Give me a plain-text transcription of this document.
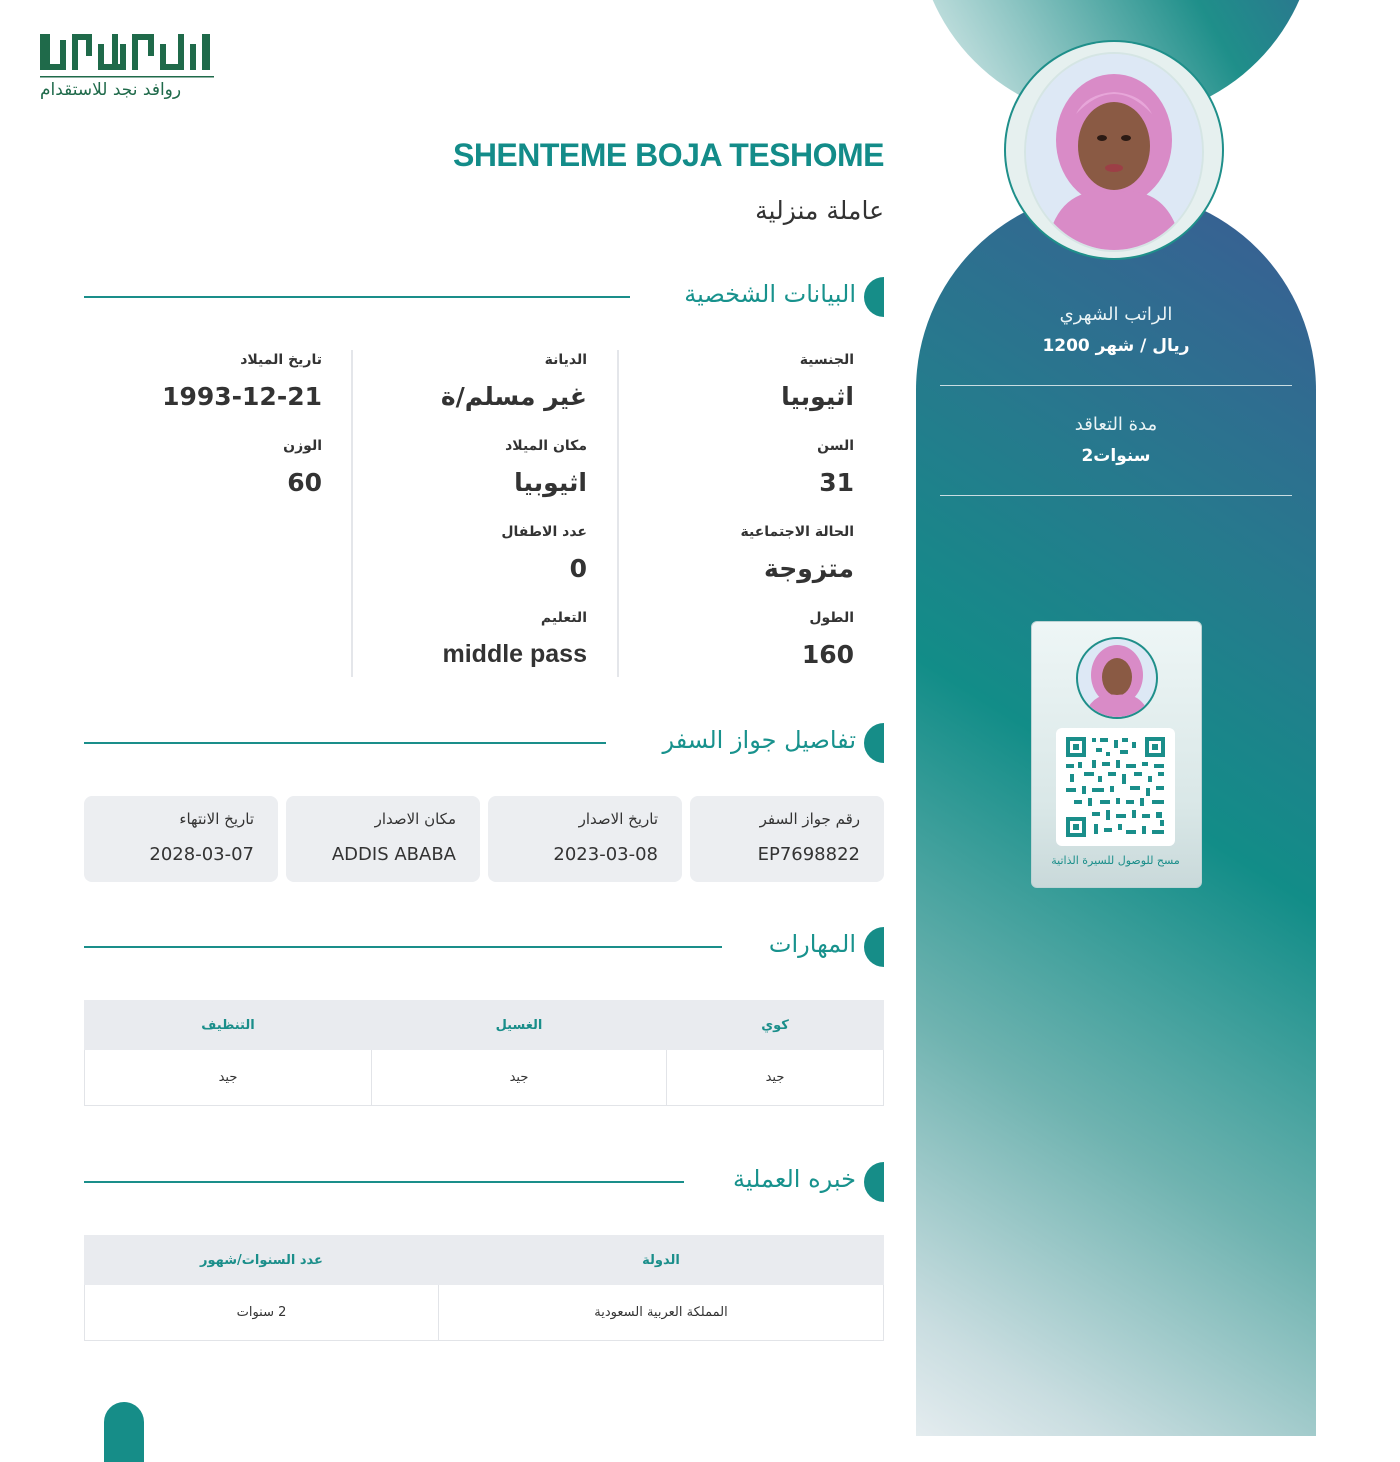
روافد نجد للاستقدام
الراتب الشهري
1200 ريال / شهر
مدة التعاقد
2سنوات
مسح للوصول للسيرة الذاتية
SHENTEME BOJA TESHOME
عاملة منزلية
البيانات الشخصية
الجنسية
اثيوبيا
السن
31
الحالة الاجتماعية
متزوجة
الطول
160
الديانة
غير مسلم/ة
مكان الميلاد
اثيوبيا
عدد الاطفال
0
التعليم
middle pass
تاريخ الميلاد
1993-12-21
الوزن
60
تفاصيل جواز السفر
رقم جواز السفر
EP7698822
تاريخ الاصدار
2023-03-08
مكان الاصدار
ADDIS ABABA
تاريخ الانتهاء
2028-03-07
المهارات
كوي	الغسيل	التنظيف
جيد	جيد	جيد
خبره العملية
الدولة	عدد السنوات/شهور
المملكة العربية السعودية	2 سنوات
